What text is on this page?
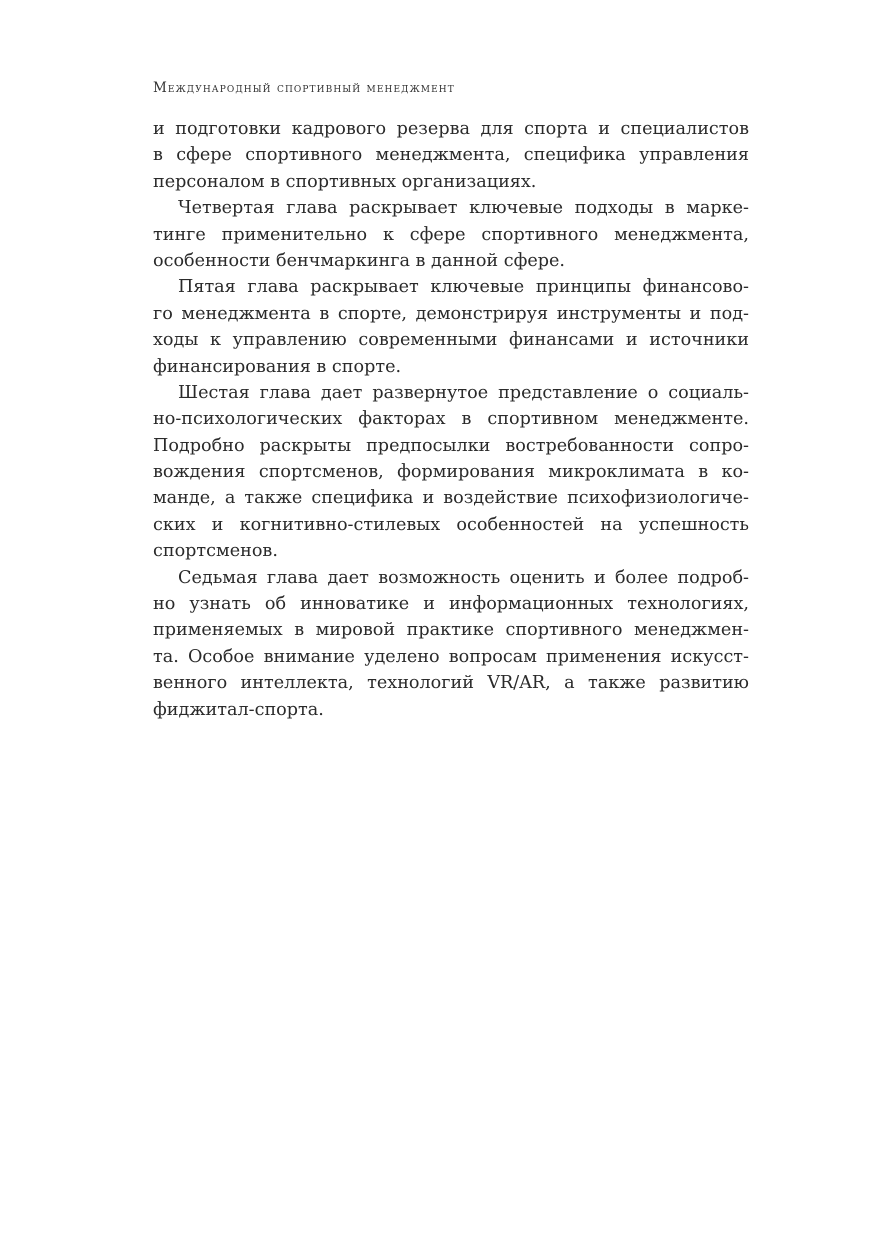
Международный спортивный менеджмент
и подготовки кадрового резерва для спорта и специалистов
в сфере спортивного менеджмента, специфика управления
персоналом в спортивных организациях.
Четвертая глава раскрывает ключевые подходы в марке-
тинге применительно к сфере спортивного менеджмента,
особенности бенчмаркинга в данной сфере.
Пятая глава раскрывает ключевые принципы финансово-
го менеджмента в спорте, демонстрируя инструменты и под-
ходы к управлению современными финансами и источники
финансирования в спорте.
Шестая глава дает развернутое представление о социаль-
но-психологических факторах в спортивном менеджменте.
Подробно раскрыты предпосылки востребованности сопро-
вождения спортсменов, формирования микроклимата в ко-
манде, а также специфика и воздействие психофизиологиче-
ских и когнитивно-стилевых особенностей на успешность
спортсменов.
Седьмая глава дает возможность оценить и более подроб-
но узнать об инноватике и информационных технологиях,
применяемых в мировой практике спортивного менеджмен-
та. Особое внимание уделено вопросам применения искусст-
венного интеллекта, технологий VR/AR, а также развитию
фиджитал-спорта.
